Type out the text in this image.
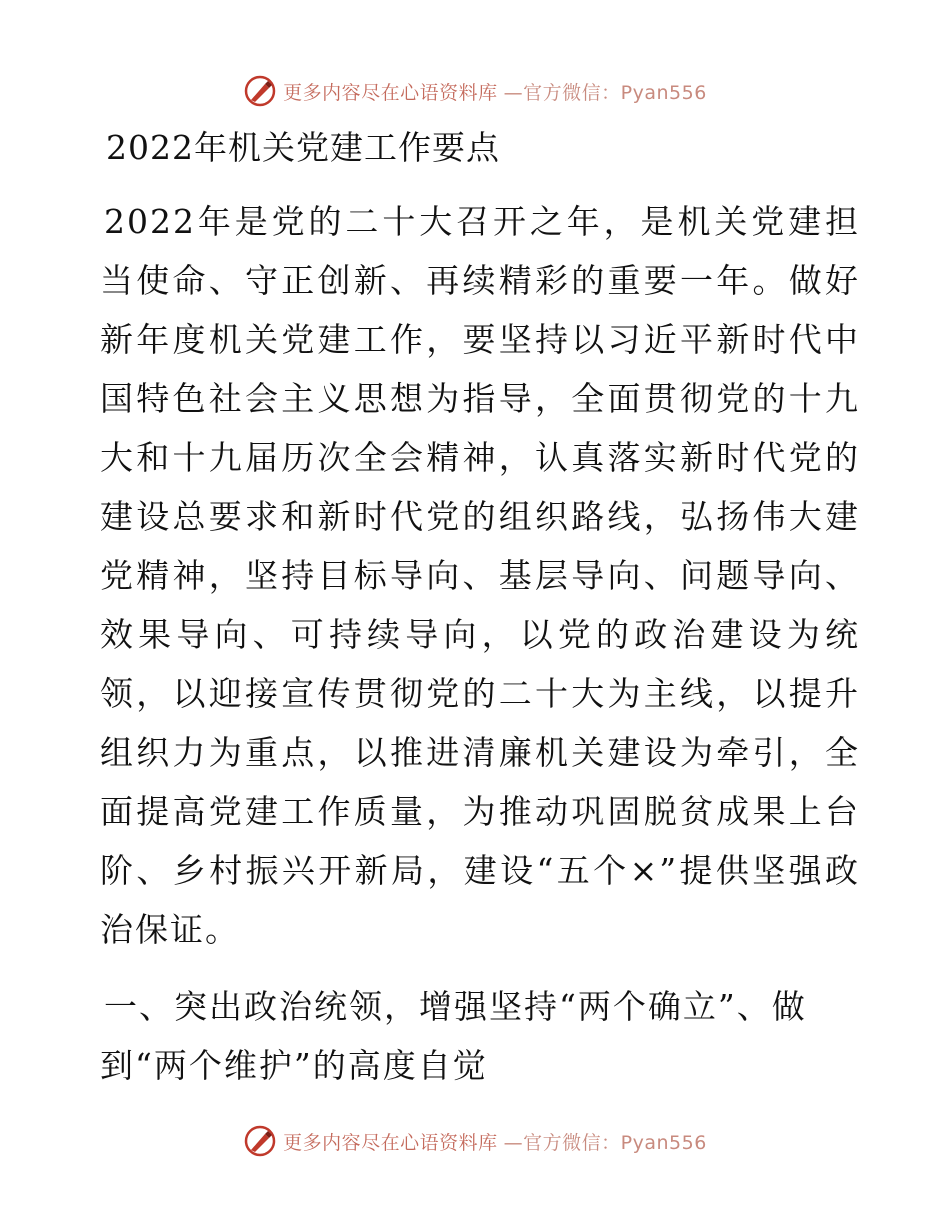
更多内容尽在心语资料库 —官方微信：Pyan556
2022年机关党建工作要点

2022年是党的二十大召开之年，是机关党建担当使命、守正创新、再续精彩的重要一年。做好新年度机关党建工作，要坚持以习近平新时代中国特色社会主义思想为指导，全面贯彻党的十九大和十九届历次全会精神，认真落实新时代党的建设总要求和新时代党的组织路线，弘扬伟大建党精神，坚持目标导向、基层导向、问题导向、效果导向、可持续导向，以党的政治建设为统领，以迎接宣传贯彻党的二十大为主线，以提升组织力为重点，以推进清廉机关建设为牵引，全面提高党建工作质量，为推动巩固脱贫成果上台阶、乡村振兴开新局，建设“五个×”提供坚强政治保证。

一、突出政治统领，增强坚持“两个确立”、做到“两个维护”的高度自觉
更多内容尽在心语资料库 —官方微信：Pyan556
